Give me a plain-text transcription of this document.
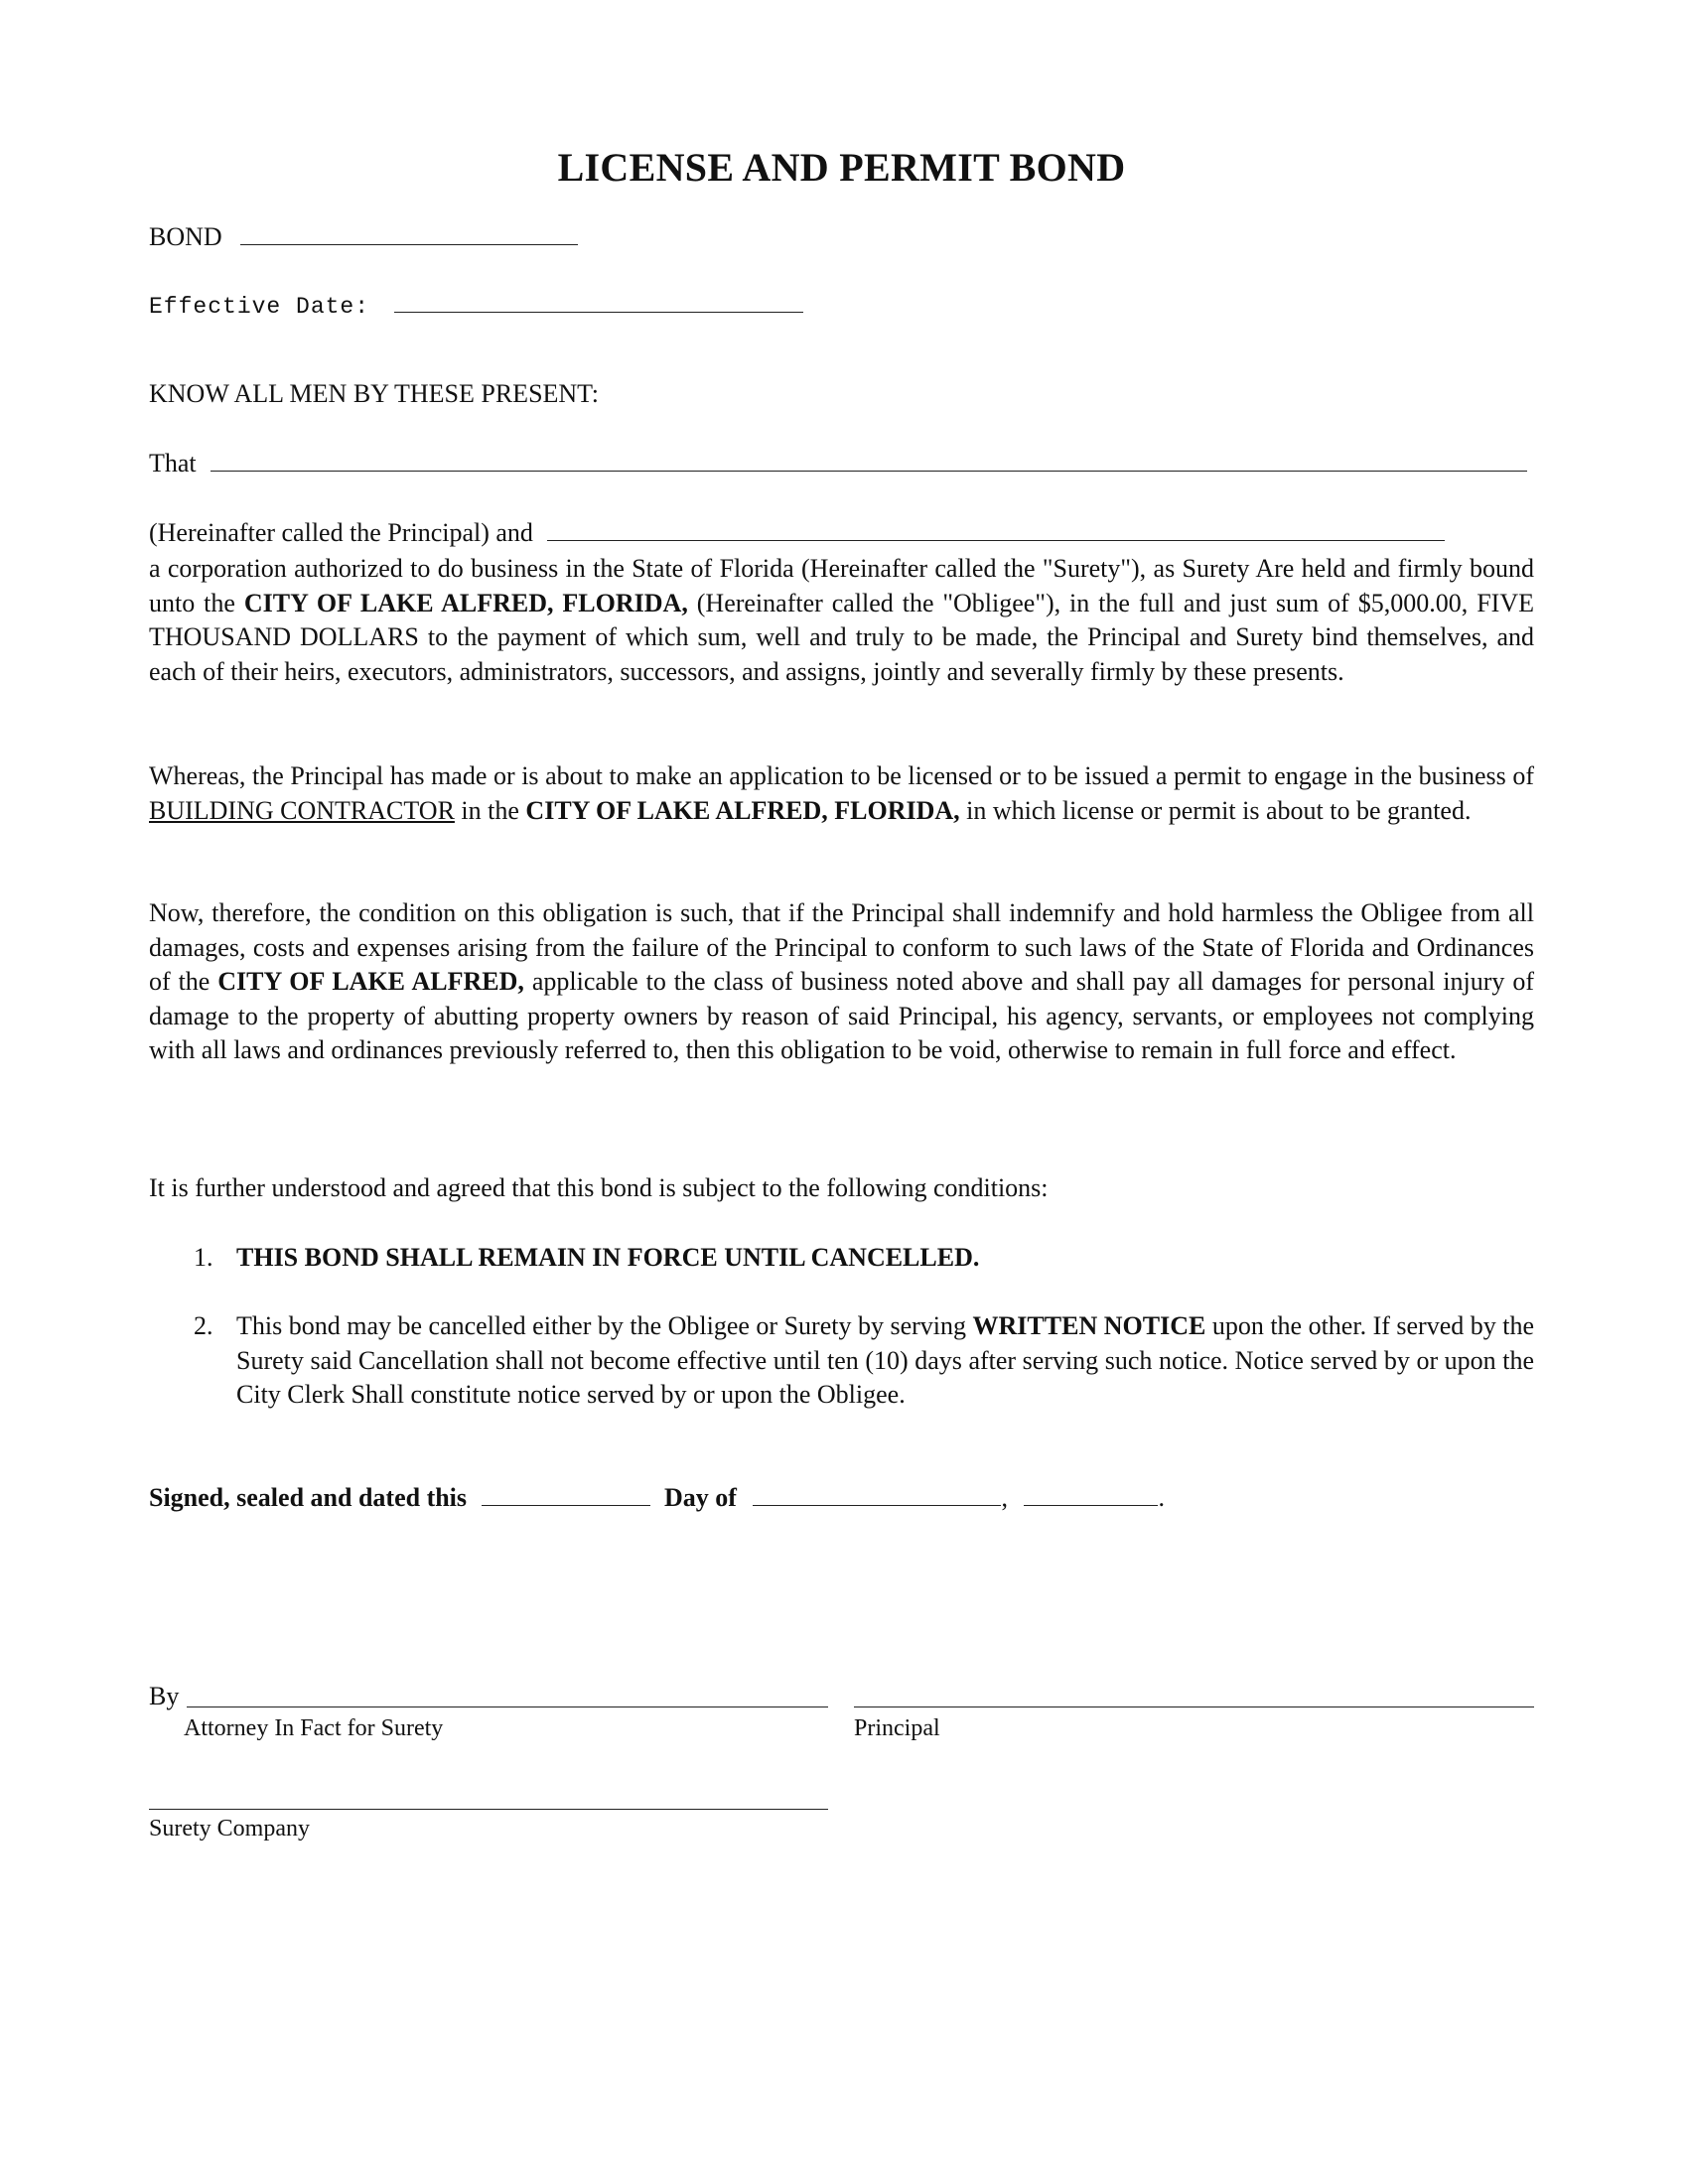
LICENSE AND PERMIT BOND
BOND
Effective Date:
KNOW ALL MEN BY THESE PRESENT:
That
(Hereinafter called the Principal) and
a corporation authorized to do business in the State of Florida (Hereinafter called the "Surety"), as Surety Are held and firmly bound unto the CITY OF LAKE ALFRED, FLORIDA, (Hereinafter called the "Obligee"), in the full and just sum of $5,000.00, FIVE THOUSAND DOLLARS to the payment of which sum, well and truly to be made, the Principal and Surety bind themselves, and each of their heirs, executors, administrators, successors, and assigns, jointly and severally firmly by these presents.
Whereas, the Principal has made or is about to make an application to be licensed or to be issued a permit to engage in the business of BUILDING CONTRACTOR in the CITY OF LAKE ALFRED, FLORIDA, in which license or permit is about to be granted.
Now, therefore, the condition on this obligation is such, that if the Principal shall indemnify and hold harmless the Obligee from all damages, costs and expenses arising from the failure of the Principal to conform to such laws of the State of Florida and Ordinances of the CITY OF LAKE ALFRED, applicable to the class of business noted above and shall pay all damages for personal injury of damage to the property of abutting property owners by reason of said Principal, his agency, servants, or employees not complying with all laws and ordinances previously referred to, then this obligation to be void, otherwise to remain in full force and effect.
It is further understood and agreed that this bond is subject to the following conditions:
1. THIS BOND SHALL REMAIN IN FORCE UNTIL CANCELLED.
2. This bond may be cancelled either by the Obligee or Surety by serving WRITTEN NOTICE upon the other. If served by the Surety said Cancellation shall not become effective until ten (10) days after serving such notice. Notice served by or upon the City Clerk Shall constitute notice served by or upon the Obligee.
Signed, sealed and dated this	Day of	,	.
By
Attorney In Fact for Surety	Principal
Surety Company
